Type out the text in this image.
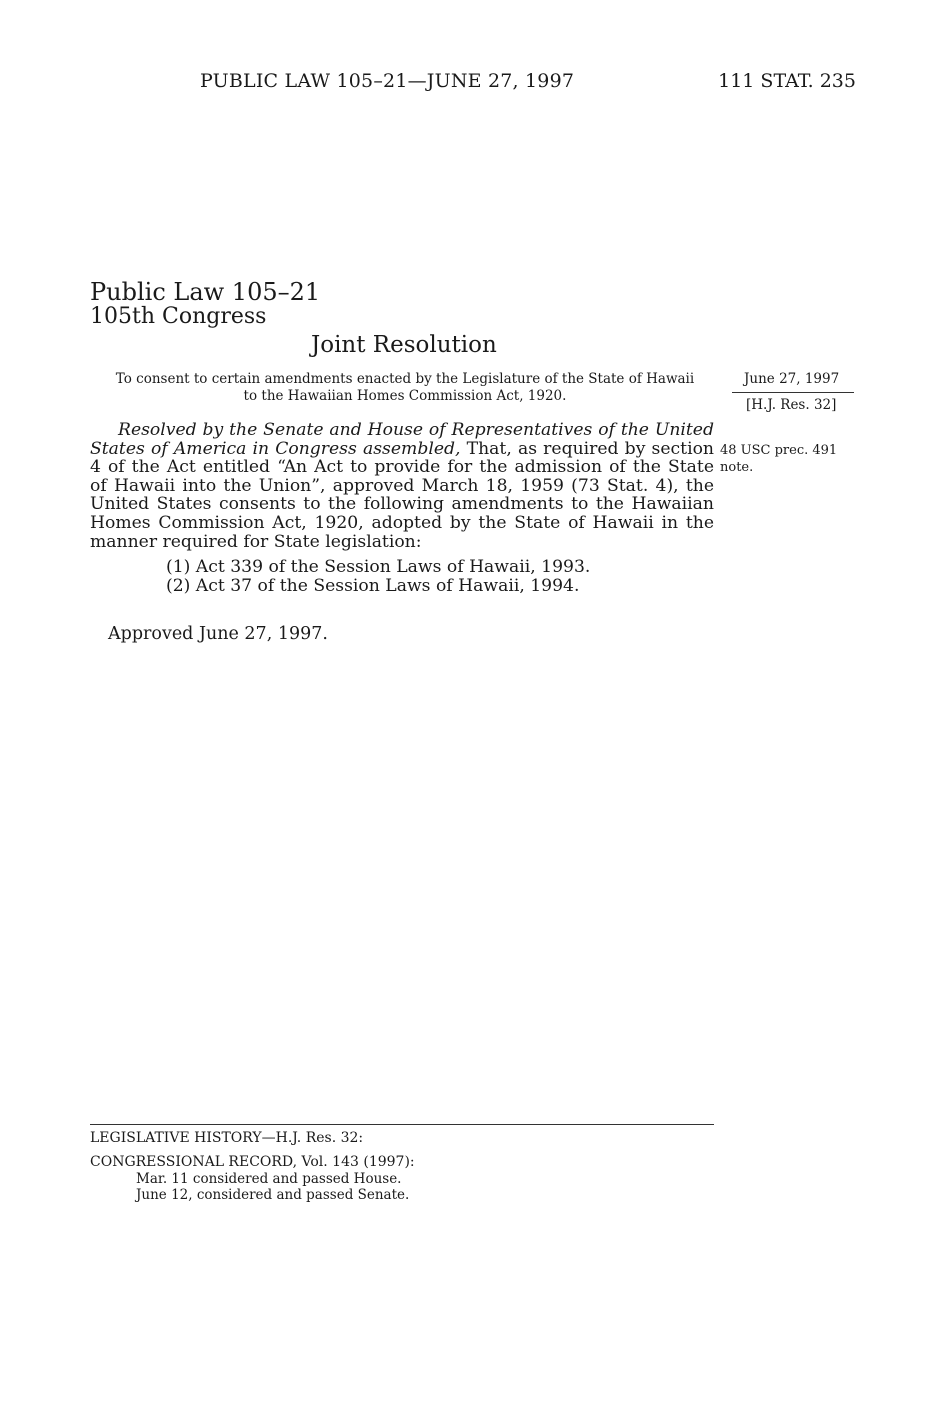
PUBLIC LAW 105–21—JUNE 27, 1997	111 STAT. 235
Public Law 105–21
105th Congress
Joint Resolution
To consent to certain amendments enacted by the Legislature of the State of Hawaii to the Hawaiian Homes Commission Act, 1920.
June 27, 1997
[H.J. Res. 32]
48 USC prec. 491 note.
Resolved by the Senate and House of Representatives of the United States of America in Congress assembled, That, as required by section 4 of the Act entitled “An Act to provide for the admission of the State of Hawaii into the Union”, approved March 18, 1959 (73 Stat. 4), the United States consents to the following amendments to the Hawaiian Homes Commission Act, 1920, adopted by the State of Hawaii in the manner required for State legislation:
(1) Act 339 of the Session Laws of Hawaii, 1993.
(2) Act 37 of the Session Laws of Hawaii, 1994.
Approved June 27, 1997.
LEGISLATIVE HISTORY—H.J. Res. 32:
CONGRESSIONAL RECORD, Vol. 143 (1997):
Mar. 11 considered and passed House.
June 12, considered and passed Senate.
